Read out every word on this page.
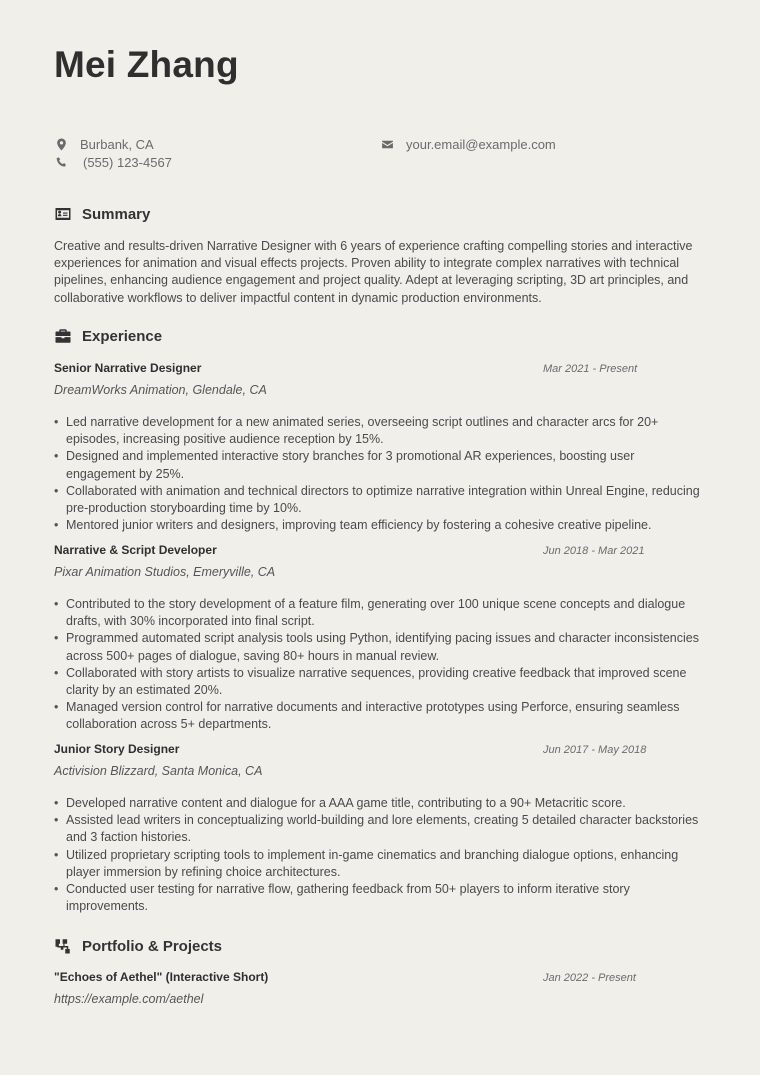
Mei Zhang
Burbank, CA	your.email@example.com
(555) 123-4567
Summary

Creative and results-driven Narrative Designer with 6 years of experience crafting compelling stories and interactive experiences for animation and visual effects projects. Proven ability to integrate complex narratives with technical pipelines, enhancing audience engagement and project quality. Adept at leveraging scripting, 3D art principles, and collaborative workflows to deliver impactful content in dynamic production environments.

Experience
Senior Narrative Designer	Mar 2021 - Present
DreamWorks Animation, Glendale, CA
• Led narrative development for a new animated series, overseeing script outlines and character arcs for 20+ episodes, increasing positive audience reception by 15%.
• Designed and implemented interactive story branches for 3 promotional AR experiences, boosting user engagement by 25%.
• Collaborated with animation and technical directors to optimize narrative integration within Unreal Engine, reducing pre-production storyboarding time by 10%.
• Mentored junior writers and designers, improving team efficiency by fostering a cohesive creative pipeline.
Narrative & Script Developer	Jun 2018 - Mar 2021
Pixar Animation Studios, Emeryville, CA
• Contributed to the story development of a feature film, generating over 100 unique scene concepts and dialogue drafts, with 30% incorporated into final script.
• Programmed automated script analysis tools using Python, identifying pacing issues and character inconsistencies across 500+ pages of dialogue, saving 80+ hours in manual review.
• Collaborated with story artists to visualize narrative sequences, providing creative feedback that improved scene clarity by an estimated 20%.
• Managed version control for narrative documents and interactive prototypes using Perforce, ensuring seamless collaboration across 5+ departments.
Junior Story Designer	Jun 2017 - May 2018
Activision Blizzard, Santa Monica, CA
• Developed narrative content and dialogue for a AAA game title, contributing to a 90+ Metacritic score.
• Assisted lead writers in conceptualizing world-building and lore elements, creating 5 detailed character backstories and 3 faction histories.
• Utilized proprietary scripting tools to implement in-game cinematics and branching dialogue options, enhancing player immersion by refining choice architectures.
• Conducted user testing for narrative flow, gathering feedback from 50+ players to inform iterative story improvements.
Portfolio & Projects
"Echoes of Aethel" (Interactive Short)	Jan 2022 - Present
https://example.com/aethel
